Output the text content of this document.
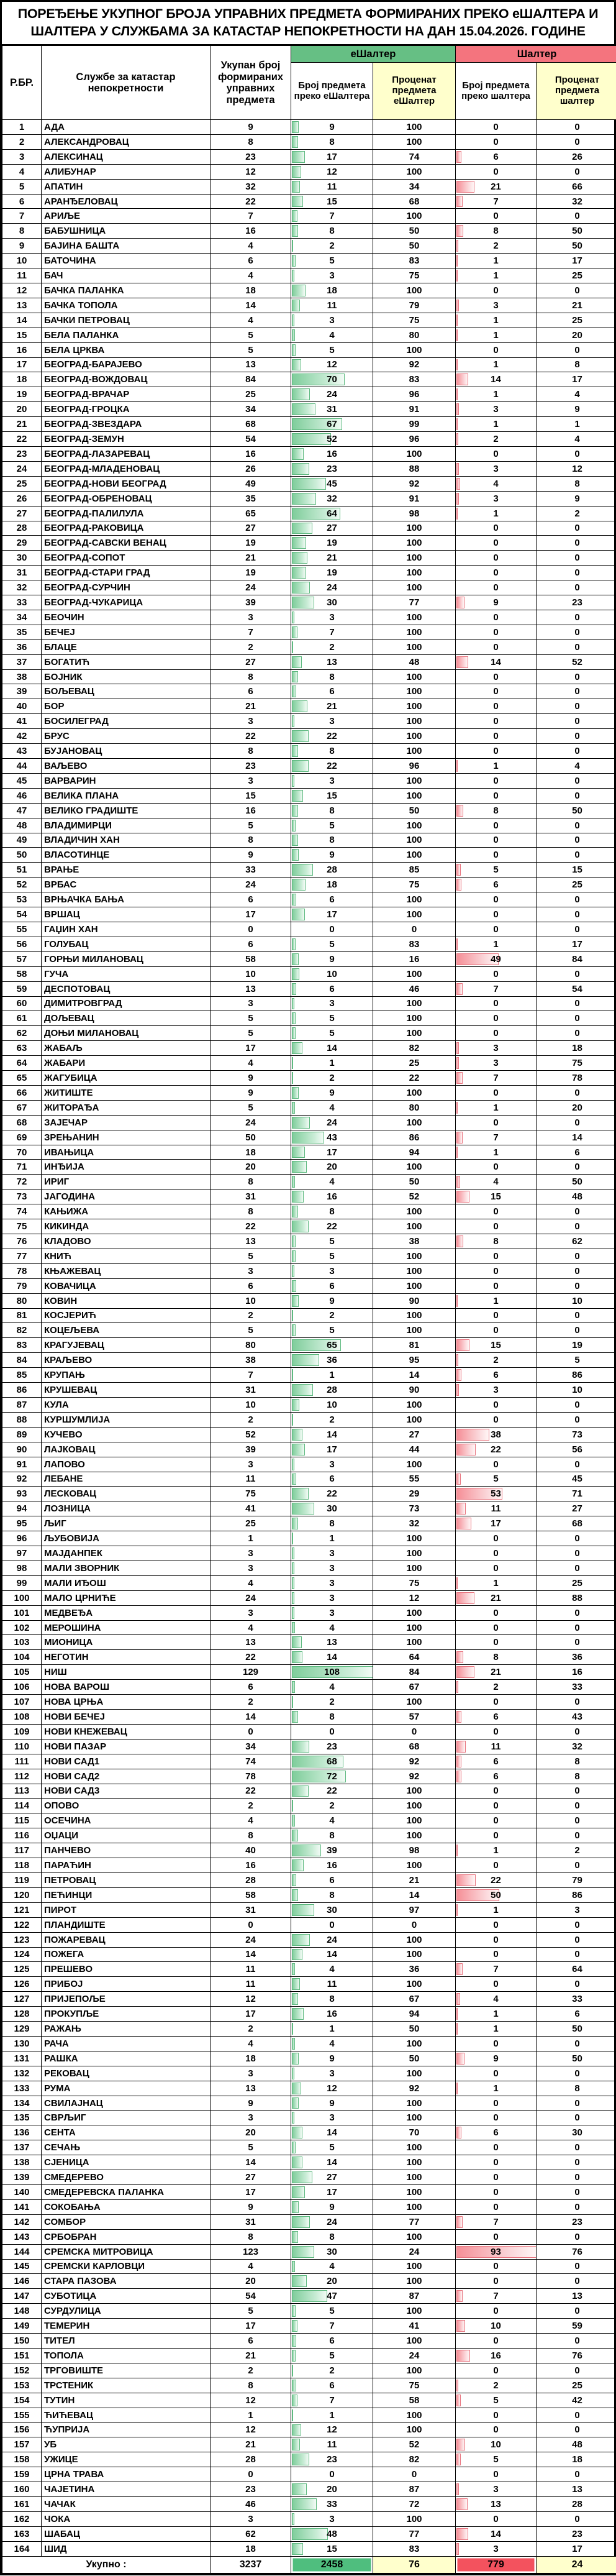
ПОРЕЂЕЊЕ УКУПНОГ БРОЈА УПРАВНИХ ПРЕДМЕТА ФОРМИРАНИХ ПРЕКО еШАЛТЕРА И ШАЛТЕРА У СЛУЖБАМА ЗА КАТАСТАР НЕПОКРЕТНОСТИ НА ДАН 15.04.2026. ГОДИНЕ
Р.БР.	Службе за катастар непокретности	Укупан број формираних управних предмета	еШалтер		Шалтер	
			Број предмета преко еШалтера	Проценат предмета еШалтер	Број предмета преко шалтера	Проценат предмета шалтер

1	АДА	9	9	100	0	0

2	АЛЕКСАНДРОВАЦ	8	8	100	0	0

3	АЛЕКСИНАЦ	23	17	74	6	26

4	АЛИБУНАР	12	12	100	0	0

5	АПАТИН	32	11	34	21	66

6	АРАНЂЕЛОВАЦ	22	15	68	7	32

7	АРИЉЕ	7	7	100	0	0

8	БАБУШНИЦА	16	8	50	8	50

9	БАЈИНА БАШТА	4	2	50	2	50

10	БАТОЧИНА	6	5	83	1	17

11	БАЧ	4	3	75	1	25

12	БАЧКА ПАЛАНКА	18	18	100	0	0

13	БАЧКА ТОПОЛА	14	11	79	3	21

14	БАЧКИ ПЕТРОВАЦ	4	3	75	1	25

15	БЕЛА ПАЛАНКА	5	4	80	1	20

16	БЕЛА ЦРКВА	5	5	100	0	0

17	БЕОГРАД-БАРАЈЕВО	13	12	92	1	8

18	БЕОГРАД-ВОЖДОВАЦ	84	70	83	14	17

19	БЕОГРАД-ВРАЧАР	25	24	96	1	4

20	БЕОГРАД-ГРОЦКА	34	31	91	3	9

21	БЕОГРАД-ЗВЕЗДАРА	68	67	99	1	1

22	БЕОГРАД-ЗЕМУН	54	52	96	2	4

23	БЕОГРАД-ЛАЗАРЕВАЦ	16	16	100	0	0

24	БЕОГРАД-МЛАДЕНОВАЦ	26	23	88	3	12

25	БЕОГРАД-НОВИ БЕОГРАД	49	45	92	4	8

26	БЕОГРАД-ОБРЕНОВАЦ	35	32	91	3	9

27	БЕОГРАД-ПАЛИЛУЛА	65	64	98	1	2

28	БЕОГРАД-РАКОВИЦА	27	27	100	0	0

29	БЕОГРАД-САВСКИ ВЕНАЦ	19	19	100	0	0

30	БЕОГРАД-СОПОТ	21	21	100	0	0

31	БЕОГРАД-СТАРИ ГРАД	19	19	100	0	0

32	БЕОГРАД-СУРЧИН	24	24	100	0	0

33	БЕОГРАД-ЧУКАРИЦА	39	30	77	9	23

34	БЕОЧИН	3	3	100	0	0

35	БЕЧЕЈ	7	7	100	0	0

36	БЛАЦЕ	2	2	100	0	0

37	БОГАТИЋ	27	13	48	14	52

38	БОЈНИК	8	8	100	0	0

39	БОЉЕВАЦ	6	6	100	0	0

40	БОР	21	21	100	0	0

41	БОСИЛЕГРАД	3	3	100	0	0

42	БРУС	22	22	100	0	0

43	БУЈАНОВАЦ	8	8	100	0	0

44	ВАЉЕВО	23	22	96	1	4

45	ВАРВАРИН	3	3	100	0	0

46	ВЕЛИКА ПЛАНА	15	15	100	0	0

47	ВЕЛИКО ГРАДИШТЕ	16	8	50	8	50

48	ВЛАДИМИРЦИ	5	5	100	0	0

49	ВЛАДИЧИН ХАН	8	8	100	0	0

50	ВЛАСОТИНЦЕ	9	9	100	0	0

51	ВРАЊЕ	33	28	85	5	15

52	ВРБАС	24	18	75	6	25

53	ВРЊАЧКА БАЊА	6	6	100	0	0

54	ВРШАЦ	17	17	100	0	0

55	ГАЏИН ХАН	0	0	0	0	0

56	ГОЛУБАЦ	6	5	83	1	17

57	ГОРЊИ МИЛАНОВАЦ	58	9	16	49	84

58	ГУЧА	10	10	100	0	0

59	ДЕСПОТОВАЦ	13	6	46	7	54

60	ДИМИТРОВГРАД	3	3	100	0	0

61	ДОЉЕВАЦ	5	5	100	0	0

62	ДОЊИ МИЛАНОВАЦ	5	5	100	0	0

63	ЖАБАЉ	17	14	82	3	18

64	ЖАБАРИ	4	1	25	3	75

65	ЖАГУБИЦА	9	2	22	7	78

66	ЖИТИШТЕ	9	9	100	0	0

67	ЖИТОРАЂА	5	4	80	1	20

68	ЗАЈЕЧАР	24	24	100	0	0

69	ЗРЕЊАНИН	50	43	86	7	14

70	ИВАЊИЦА	18	17	94	1	6

71	ИНЂИЈА	20	20	100	0	0

72	ИРИГ	8	4	50	4	50

73	ЈАГОДИНА	31	16	52	15	48

74	КАЊИЖА	8	8	100	0	0

75	КИКИНДА	22	22	100	0	0

76	КЛАДОВО	13	5	38	8	62

77	КНИЋ	5	5	100	0	0

78	КЊАЖЕВАЦ	3	3	100	0	0

79	КОВАЧИЦА	6	6	100	0	0

80	КОВИН	10	9	90	1	10

81	КОСЈЕРИЋ	2	2	100	0	0

82	КОЦЕЉЕВА	5	5	100	0	0

83	КРАГУЈЕВАЦ	80	65	81	15	19

84	КРАЉЕВО	38	36	95	2	5

85	КРУПАЊ	7	1	14	6	86

86	КРУШЕВАЦ	31	28	90	3	10

87	КУЛА	10	10	100	0	0

88	КУРШУМЛИЈА	2	2	100	0	0

89	КУЧЕВО	52	14	27	38	73

90	ЛАЈКОВАЦ	39	17	44	22	56

91	ЛАПОВО	3	3	100	0	0

92	ЛЕБАНЕ	11	6	55	5	45

93	ЛЕСКОВАЦ	75	22	29	53	71

94	ЛОЗНИЦА	41	30	73	11	27

95	ЉИГ	25	8	32	17	68

96	ЉУБОВИЈА	1	1	100	0	0

97	МАЈДАНПЕК	3	3	100	0	0

98	МАЛИ ЗВОРНИК	3	3	100	0	0

99	МАЛИ ИЂОШ	4	3	75	1	25

100	МАЛО ЦРНИЋЕ	24	3	12	21	88

101	МЕДВЕЂА	3	3	100	0	0

102	МЕРОШИНА	4	4	100	0	0

103	МИОНИЦА	13	13	100	0	0

104	НЕГОТИН	22	14	64	8	36

105	НИШ	129	108	84	21	16

106	НОВА ВАРОШ	6	4	67	2	33

107	НОВА ЦРЊА	2	2	100	0	0

108	НОВИ БЕЧЕЈ	14	8	57	6	43

109	НОВИ КНЕЖЕВАЦ	0	0	0	0	0

110	НОВИ ПАЗАР	34	23	68	11	32

111	НОВИ САД1	74	68	92	6	8

112	НОВИ САД2	78	72	92	6	8

113	НОВИ САД3	22	22	100	0	0

114	ОПОВО	2	2	100	0	0

115	ОСЕЧИНА	4	4	100	0	0

116	ОЏАЦИ	8	8	100	0	0

117	ПАНЧЕВО	40	39	98	1	2

118	ПАРАЋИН	16	16	100	0	0

119	ПЕТРОВАЦ	28	6	21	22	79

120	ПЕЋИНЦИ	58	8	14	50	86

121	ПИРОТ	31	30	97	1	3

122	ПЛАНДИШТЕ	0	0	0	0	0

123	ПОЖАРЕВАЦ	24	24	100	0	0

124	ПОЖЕГА	14	14	100	0	0

125	ПРЕШЕВО	11	4	36	7	64

126	ПРИБОЈ	11	11	100	0	0

127	ПРИЈЕПОЉЕ	12	8	67	4	33

128	ПРОКУПЉЕ	17	16	94	1	6

129	РАЖАЊ	2	1	50	1	50

130	РАЧА	4	4	100	0	0

131	РАШКА	18	9	50	9	50

132	РЕКОВАЦ	3	3	100	0	0

133	РУМА	13	12	92	1	8

134	СВИЛАЈНАЦ	9	9	100	0	0

135	СВРЉИГ	3	3	100	0	0

136	СЕНТА	20	14	70	6	30

137	СЕЧАЊ	5	5	100	0	0

138	СЈЕНИЦА	14	14	100	0	0

139	СМЕДЕРЕВО	27	27	100	0	0

140	СМЕДЕРЕВСКА ПАЛАНКА	17	17	100	0	0

141	СОКОБАЊА	9	9	100	0	0

142	СОМБОР	31	24	77	7	23

143	СРБОБРАН	8	8	100	0	0

144	СРЕМСКА МИТРОВИЦА	123	30	24	93	76

145	СРЕМСКИ КАРЛОВЦИ	4	4	100	0	0

146	СТАРА ПАЗОВА	20	20	100	0	0

147	СУБОТИЦА	54	47	87	7	13

148	СУРДУЛИЦА	5	5	100	0	0

149	ТЕМЕРИН	17	7	41	10	59

150	ТИТЕЛ	6	6	100	0	0

151	ТОПОЛА	21	5	24	16	76

152	ТРГОВИШТЕ	2	2	100	0	0

153	ТРСТЕНИК	8	6	75	2	25

154	ТУТИН	12	7	58	5	42

155	ЋИЋЕВАЦ	1	1	100	0	0

156	ЋУПРИЈА	12	12	100	0	0

157	УБ	21	11	52	10	48

158	УЖИЦЕ	28	23	82	5	18

159	ЦРНА ТРАВА	0	0	0	0	0

160	ЧАЈЕТИНА	23	20	87	3	13

161	ЧАЧАК	46	33	72	13	28

162	ЧОКА	3	3	100	0	0

163	ШАБАЦ	62	48	77	14	23

164	ШИД	18	15	83	3	17

Укупно :		3237	2458	76	779	24
